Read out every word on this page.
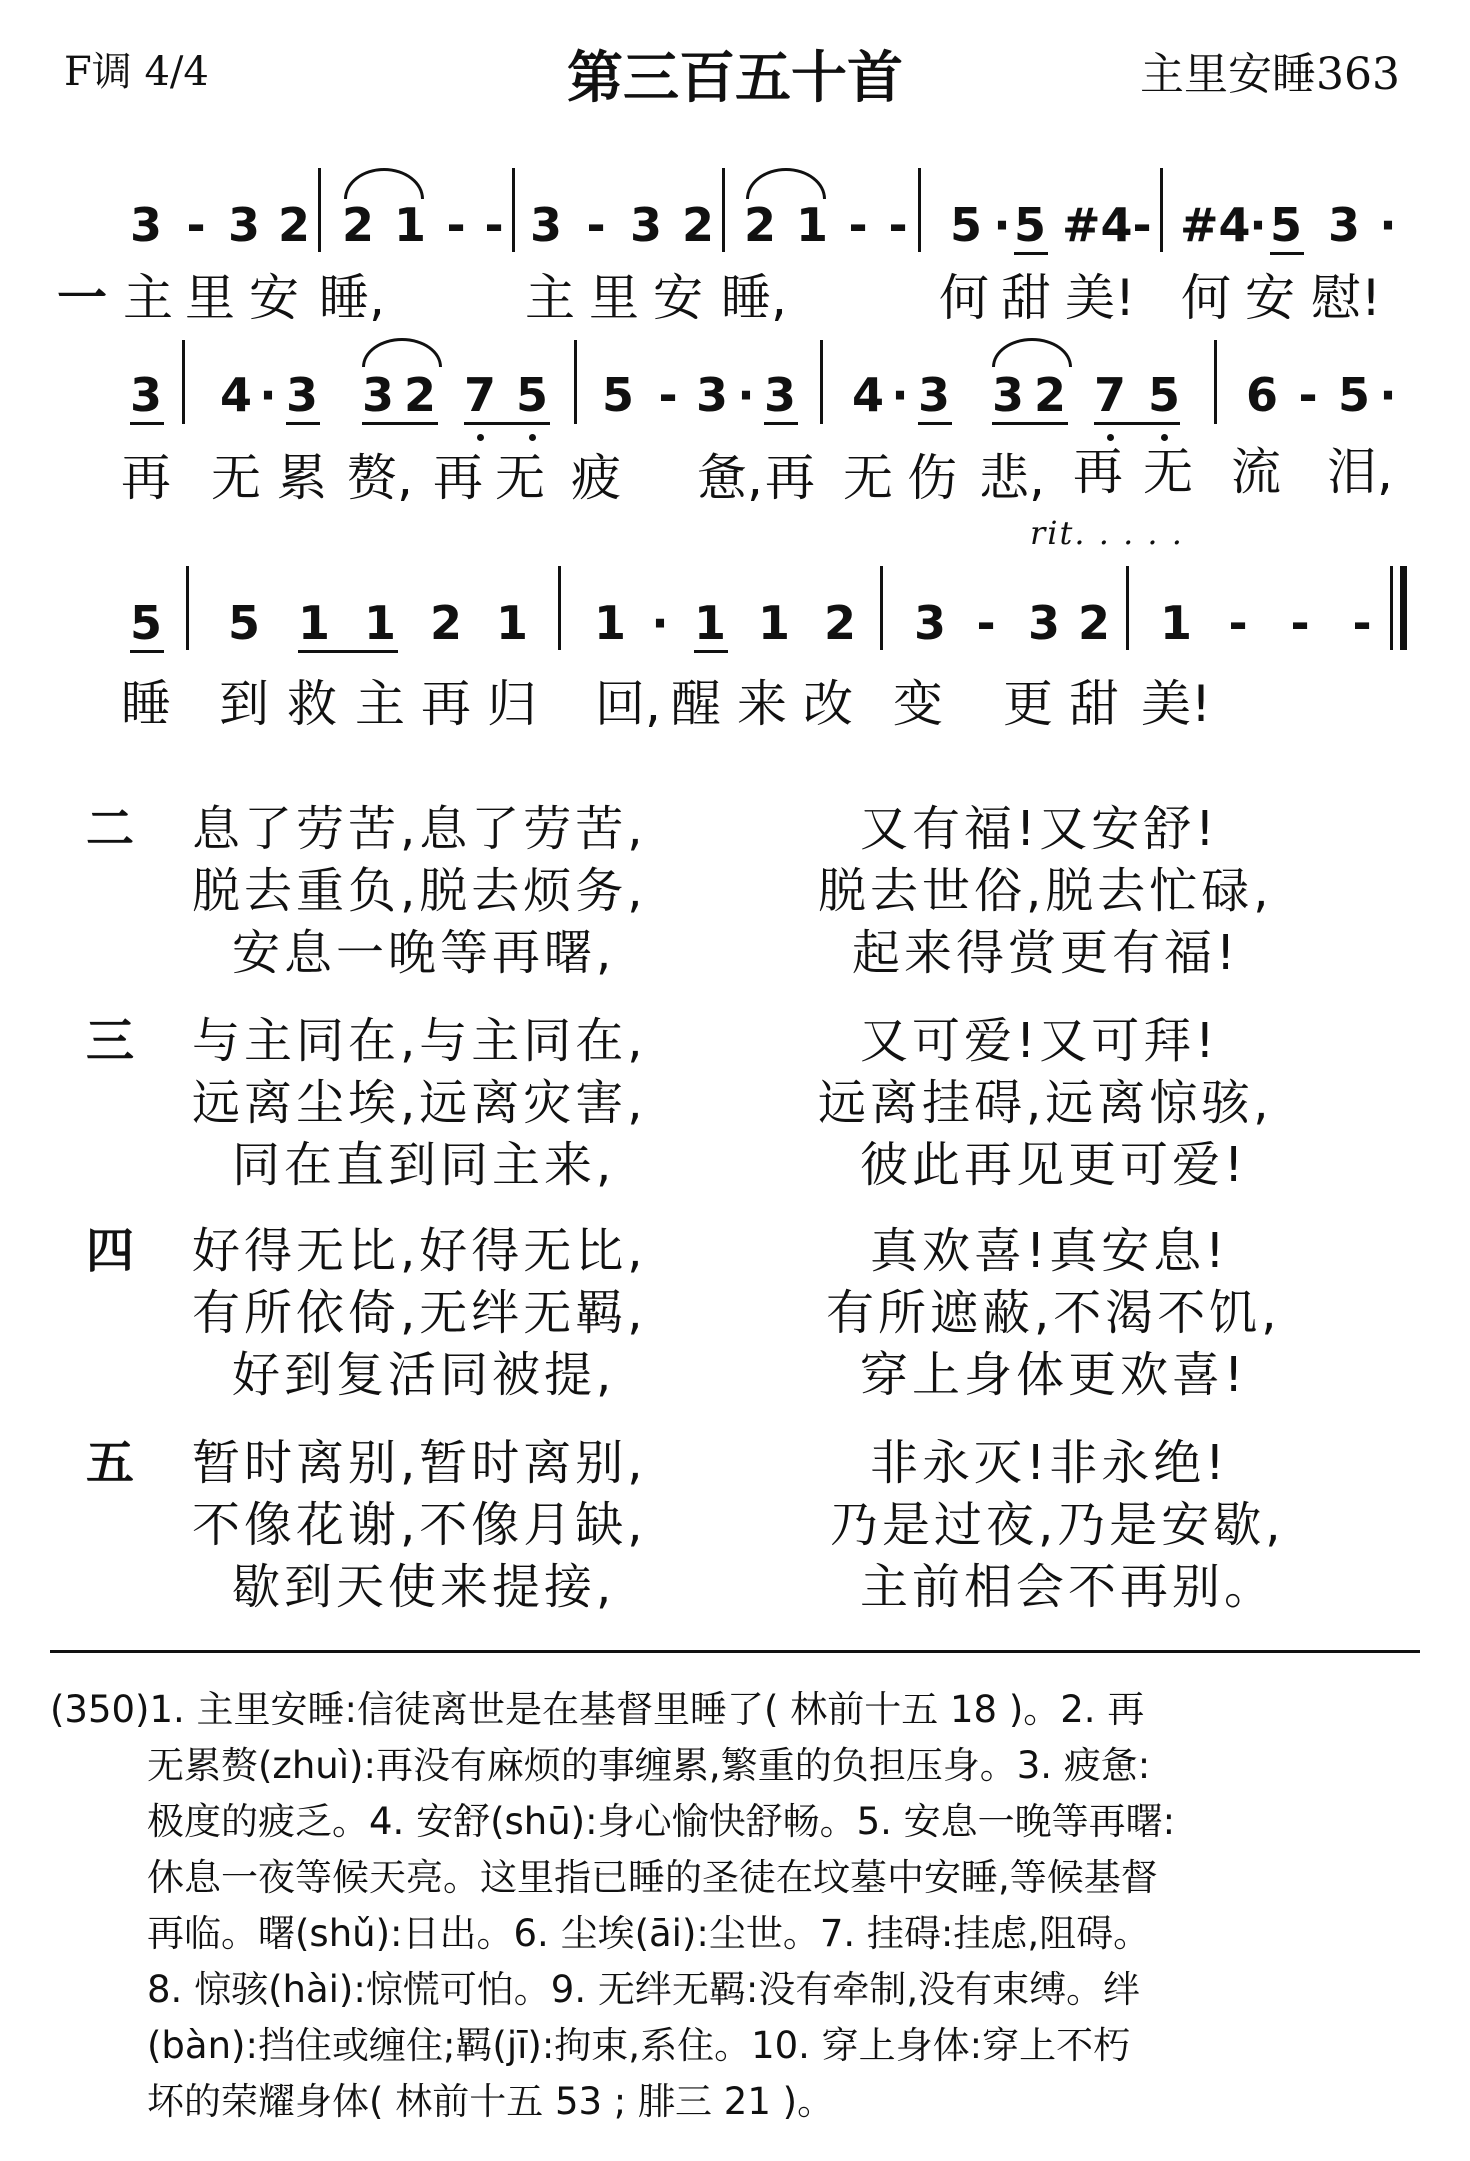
F调 4/4	第三百五十首	主里安睡363
3 - 3 2 2 1 - - 3 - 3 2 2 1 - - 5 · 5 #4 - #4
· 5 3 ·
一 主 里 安 睡,	主 里 安 睡,	何 甜 美! 何 安 慰!
3 4 · 3 3 2 7 5 5 - 3 · 3 4 · 3 3 2 7 5 6 - 5 ·
再 无 累 赘, 再 无 疲 惫, 再 无 伤 悲, 再 无 流 泪,
rit. . . . .
5 5 1 1 2 1 1 · 1 1 2 3 - 3 2 1 - - -
睡 到 救 主 再 归 回, 醒 来 改 变 更 甜 美!
二 息了劳苦,息了劳苦,	又有福!又安舒!
脱去重负,脱去烦务,	脱去世俗,脱去忙碌,
安息一晚等再曙,	起来得赏更有福!
三 与主同在,与主同在,	又可爱!又可拜!
远离尘埃,远离灾害,	远离挂碍,远离惊骇,
同在直到同主来,	彼此再见更可爱!
四 好得无比,好得无比,	真欢喜!真安息!
有所依倚,无绊无羁,	有所遮蔽,不渴不饥,
好到复活同被提,	穿上身体更欢喜!
五 暂时离别,暂时离别,	非永灭!非永绝!
不像花谢,不像月缺,	乃是过夜,乃是安歇,
歇到天使来提接,	主前相会不再别。
(350)1. 主里安睡:信徒离世是在基督里睡了( 林前十五 18 )。2. 再
无累赘(zhuì):再没有麻烦的事缠累,繁重的负担压身。3. 疲惫:
极度的疲乏。4. 安舒(shū):身心愉快舒畅。5. 安息一晚等再曙:
休息一夜等候天亮。这里指已睡的圣徒在坟墓中安睡,等候基督
再临。曙(shǔ):日出。6. 尘埃(āi):尘世。7. 挂碍:挂虑,阻碍。
8. 惊骇(hài):惊慌可怕。9. 无绊无羁:没有牵制,没有束缚。绊
(bàn):挡住或缠住;羁(jī):拘束,系住。10. 穿上身体:穿上不朽
坏的荣耀身体( 林前十五 53 ; 腓三 21 )。
